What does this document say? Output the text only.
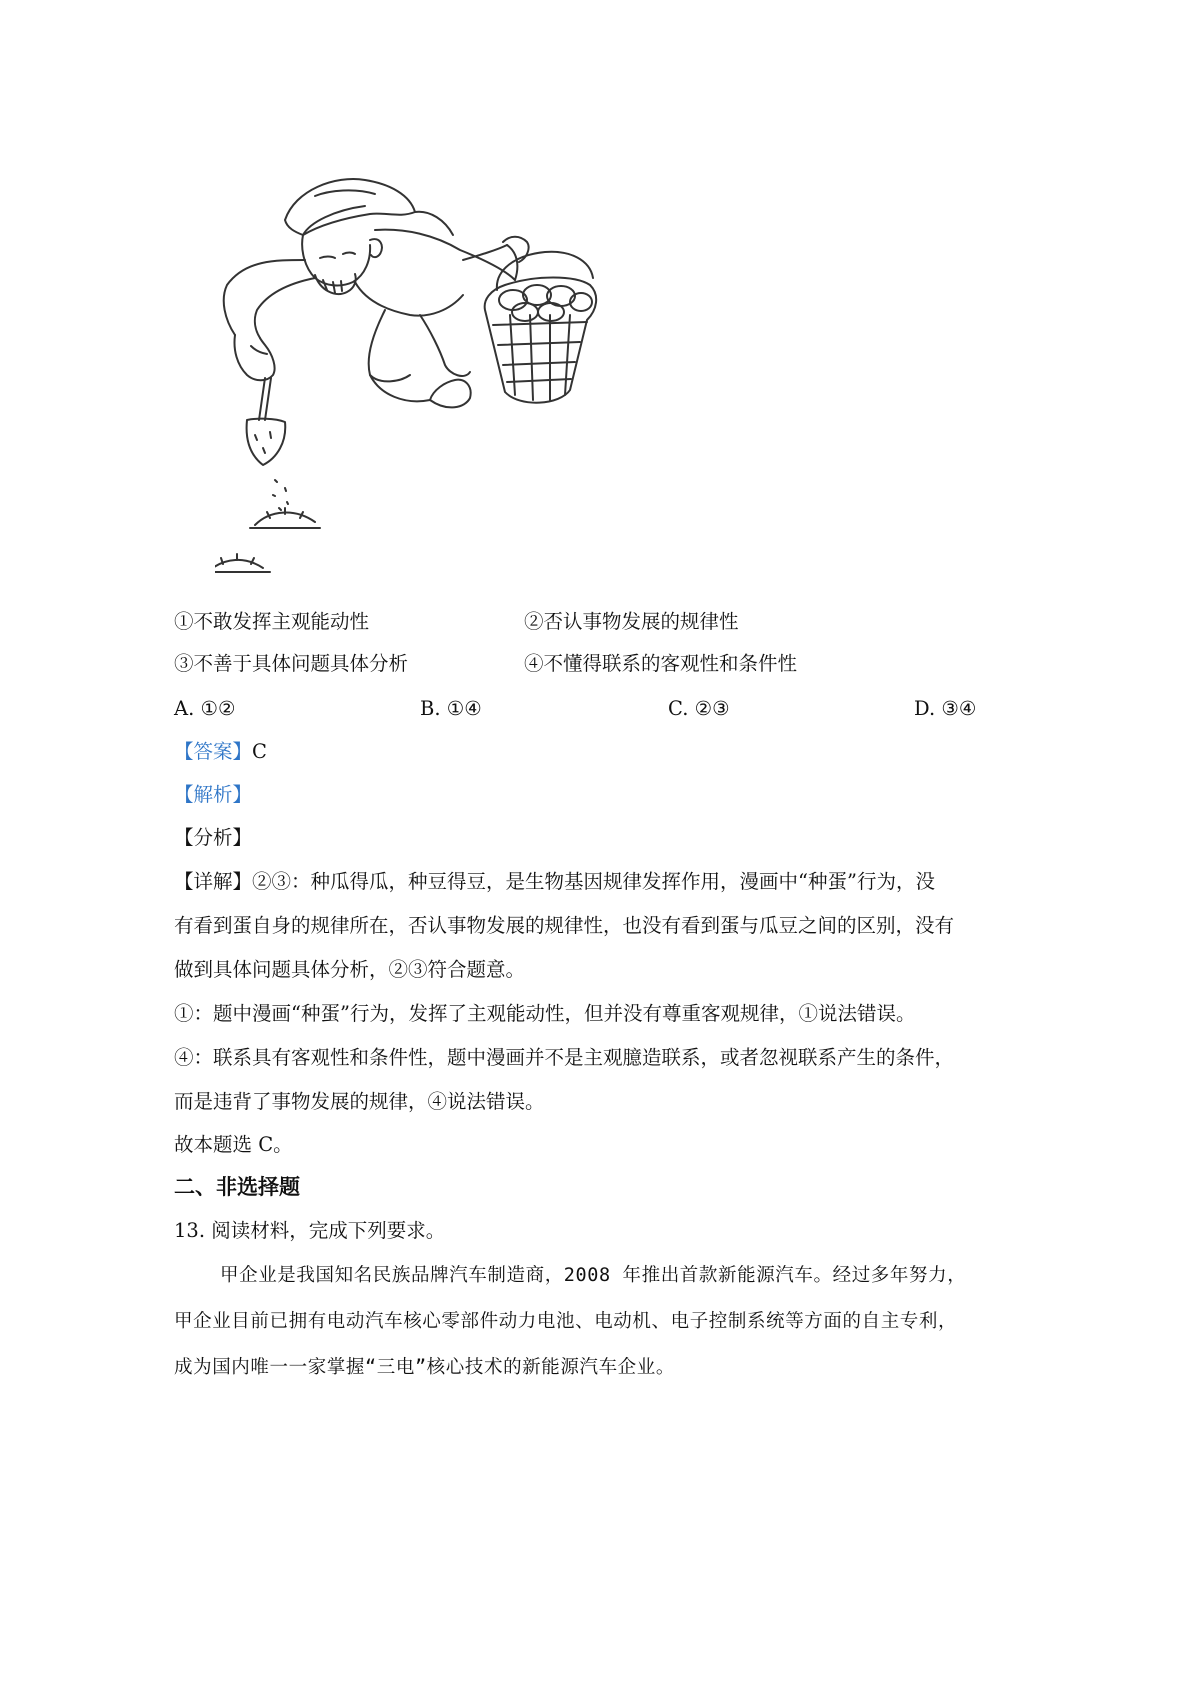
①不敢发挥主观能动性	②否认事物发展的规律性
③不善于具体问题具体分析	④不懂得联系的客观性和条件性
A. ①②	B. ①④	C. ②③	D. ③④
【答案】C
【解析】
【分析】
【详解】②③：种瓜得瓜，种豆得豆，是生物基因规律发挥作用，漫画中“种蛋”行为，没
有看到蛋自身的规律所在，否认事物发展的规律性，也没有看到蛋与瓜豆之间的区别，没有
做到具体问题具体分析，②③符合题意。
①：题中漫画“种蛋”行为，发挥了主观能动性，但并没有尊重客观规律，①说法错误。
④：联系具有客观性和条件性，题中漫画并不是主观臆造联系，或者忽视联系产生的条件，
而是违背了事物发展的规律，④说法错误。
故本题选 C。
二、非选择题
13. 阅读材料，完成下列要求。
甲企业是我国知名民族品牌汽车制造商，2008 年推出首款新能源汽车。经过多年努力，
甲企业目前已拥有电动汽车核心零部件动力电池、电动机、电子控制系统等方面的自主专利，
成为国内唯一一家掌握“三电”核心技术的新能源汽车企业。
